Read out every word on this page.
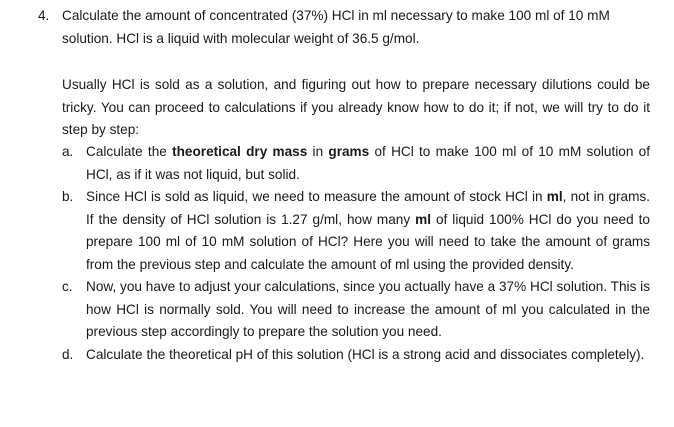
4. Calculate the amount of concentrated (37%) HCl in ml necessary to make 100 ml of 10 mM solution. HCl is a liquid with molecular weight of 36.5 g/mol.
Usually HCl is sold as a solution, and figuring out how to prepare necessary dilutions could be tricky. You can proceed to calculations if you already know how to do it; if not, we will try to do it step by step:
a. Calculate the theoretical dry mass in grams of HCl to make 100 ml of 10 mM solution of HCl, as if it was not liquid, but solid.
b. Since HCl is sold as liquid, we need to measure the amount of stock HCl in ml, not in grams. If the density of HCl solution is 1.27 g/ml, how many ml of liquid 100% HCl do you need to prepare 100 ml of 10 mM solution of HCl? Here you will need to take the amount of grams from the previous step and calculate the amount of ml using the provided density.
c. Now, you have to adjust your calculations, since you actually have a 37% HCl solution. This is how HCl is normally sold. You will need to increase the amount of ml you calculated in the previous step accordingly to prepare the solution you need.
d. Calculate the theoretical pH of this solution (HCl is a strong acid and dissociates completely).
